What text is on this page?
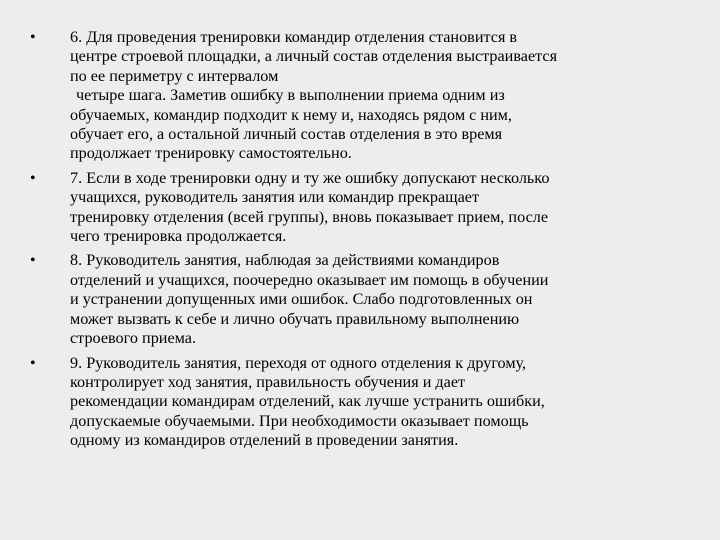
• 6. Для проведения тренировки командир отделения становится в
центре строевой площадки, а личный состав отделения выстраивается
по ее периметру с интервалом
четыре шага. Заметив ошибку в выполнении приема одним из
обучаемых, командир подходит к нему и, находясь рядом с ним,
обучает его, а остальной личный состав отделения в это время
продолжает тренировку самостоятельно.
• 7. Если в ходе тренировки одну и ту же ошибку допускают несколько
учащихся, руководитель занятия или командир прекращает
тренировку отделения (всей группы), вновь показывает прием, после
чего тренировка продолжается.
• 8. Руководитель занятия, наблюдая за действиями командиров
отделений и учащихся, поочередно оказывает им помощь в обучении
и устранении допущенных ими ошибок. Слабо подготовленных он
может вызвать к себе и лично обучать правильному выполнению
строевого приема.
• 9. Руководитель занятия, переходя от одного отделения к другому,
контролирует ход занятия, правильность обучения и дает
рекомендации командирам отделений, как лучше устранить ошибки,
допускаемые обучаемыми. При необходимости оказывает помощь
одному из командиров отделений в проведении занятия.
